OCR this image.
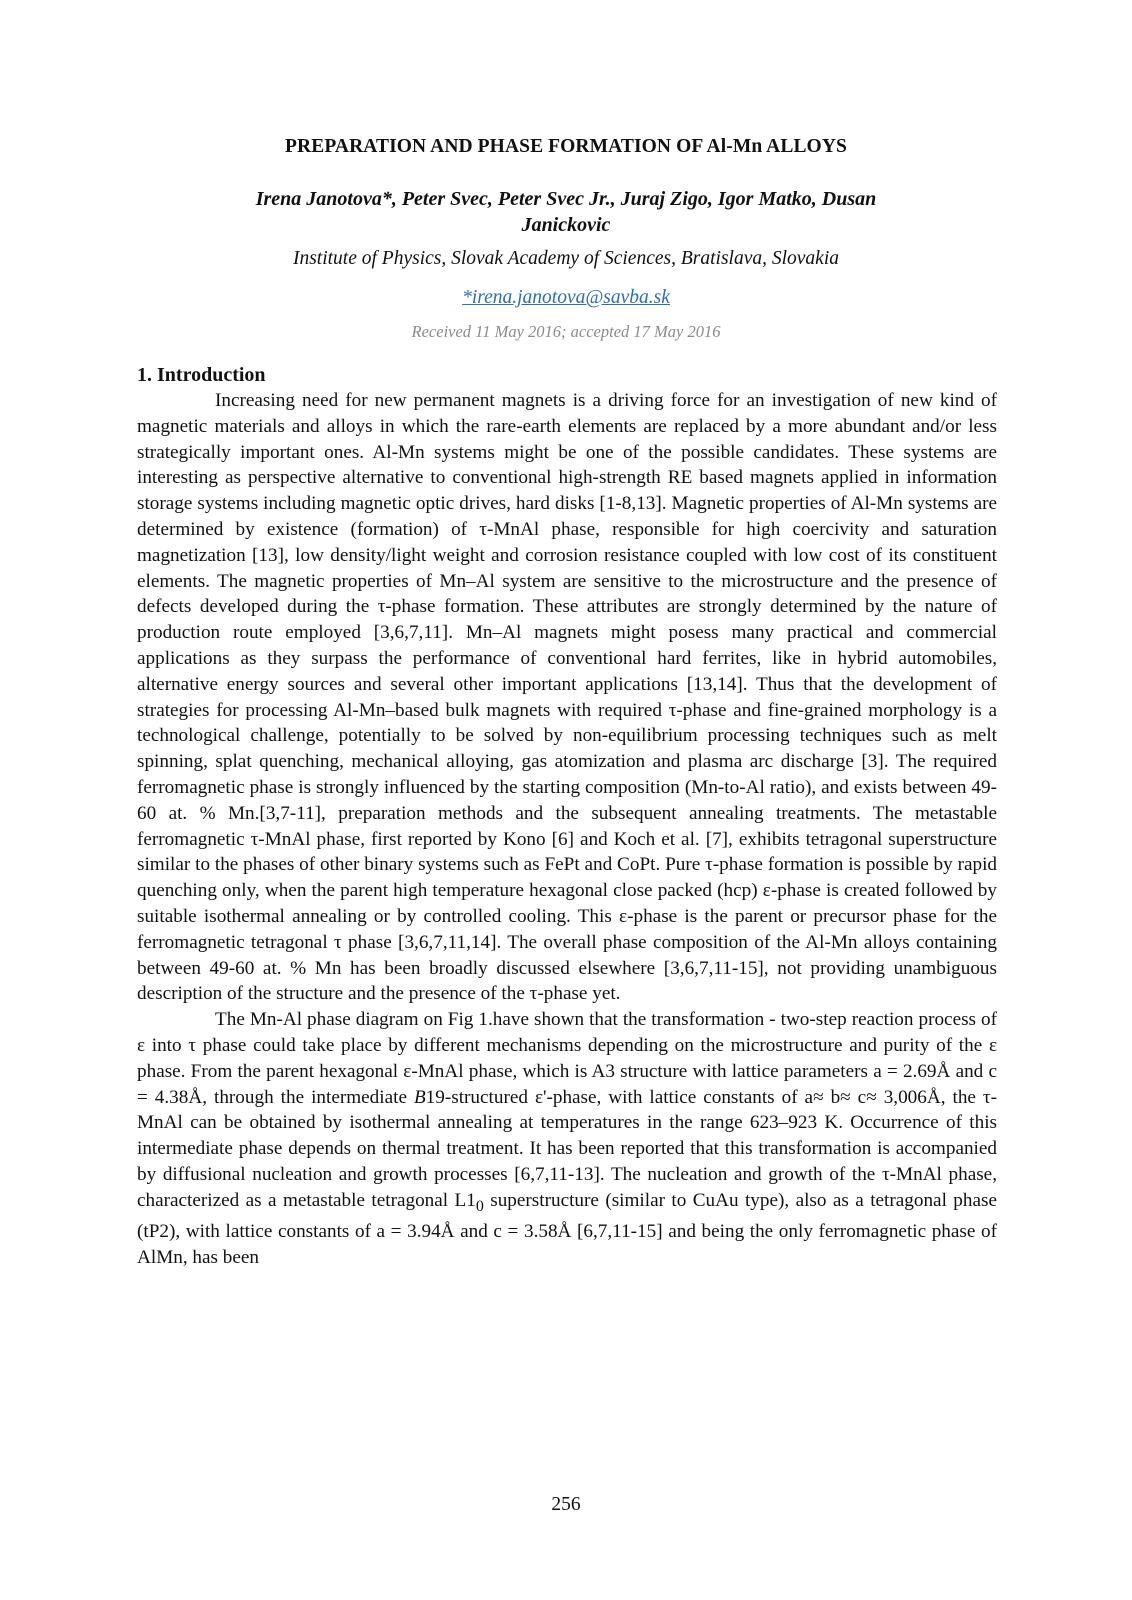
PREPARATION AND PHASE FORMATION OF Al-Mn ALLOYS
Irena Janotova*, Peter Svec, Peter Svec Jr., Juraj Zigo, Igor Matko, Dusan Janickovic
Institute of Physics, Slovak Academy of Sciences, Bratislava, Slovakia
*irena.janotova@savba.sk
Received 11 May 2016; accepted 17 May 2016
1. Introduction

Increasing need for new permanent magnets is a driving force for an investigation of new kind of magnetic materials and alloys in which the rare-earth elements are replaced by a more abundant and/or less strategically important ones. Al-Mn systems might be one of the possible candidates. These systems are interesting as perspective alternative to conventional high-strength RE based magnets applied in information storage systems including magnetic optic drives, hard disks [1-8,13]. Magnetic properties of Al-Mn systems are determined by existence (formation) of τ-MnAl phase, responsible for high coercivity and saturation magnetization [13], low density/light weight and corrosion resistance coupled with low cost of its constituent elements. The magnetic properties of Mn–Al system are sensitive to the microstructure and the presence of defects developed during the τ-phase formation. These attributes are strongly determined by the nature of production route employed [3,6,7,11]. Mn–Al magnets might posess many practical and commercial applications as they surpass the performance of conventional hard ferrites, like in hybrid automobiles, alternative energy sources and several other important applications [13,14]. Thus that the development of strategies for processing Al-Mn–based bulk magnets with required τ-phase and fine-grained morphology is a technological challenge, potentially to be solved by non-equilibrium processing techniques such as melt spinning, splat quenching, mechanical alloying, gas atomization and plasma arc discharge [3]. The required ferromagnetic phase is strongly influenced by the starting composition (Mn-to-Al ratio), and exists between 49-60 at. % Mn.[3,7-11], preparation methods and the subsequent annealing treatments. The metastable ferromagnetic τ-MnAl phase, first reported by Kono [6] and Koch et al. [7], exhibits tetragonal superstructure similar to the phases of other binary systems such as FePt and CoPt. Pure τ-phase formation is possible by rapid quenching only, when the parent high temperature hexagonal close packed (hcp) ε-phase is created followed by suitable isothermal annealing or by controlled cooling. This ε-phase is the parent or precursor phase for the ferromagnetic tetragonal τ phase [3,6,7,11,14]. The overall phase composition of the Al-Mn alloys containing between 49-60 at. % Mn has been broadly discussed elsewhere [3,6,7,11-15], not providing unambiguous description of the structure and the presence of the τ-phase yet.

The Mn-Al phase diagram on Fig 1.have shown that the transformation - two-step reaction process of ε into τ phase could take place by different mechanisms depending on the microstructure and purity of the ε phase. From the parent hexagonal ε-MnAl phase, which is A3 structure with lattice parameters a = 2.69Å and c = 4.38Å, through the intermediate B19-structured ε'-phase, with lattice constants of a≈ b≈ c≈ 3,006Å, the τ-MnAl can be obtained by isothermal annealing at temperatures in the range 623–923 K. Occurrence of this intermediate phase depends on thermal treatment. It has been reported that this transformation is accompanied by diffusional nucleation and growth processes [6,7,11-13]. The nucleation and growth of the τ-MnAl phase, characterized as a metastable tetragonal $L1_0$ superstructure (similar to CuAu type), also as a tetragonal phase (tP2), with lattice constants of a = 3.94Å and c = 3.58Å [6,7,11-15] and being the only ferromagnetic phase of AlMn, has been

256
